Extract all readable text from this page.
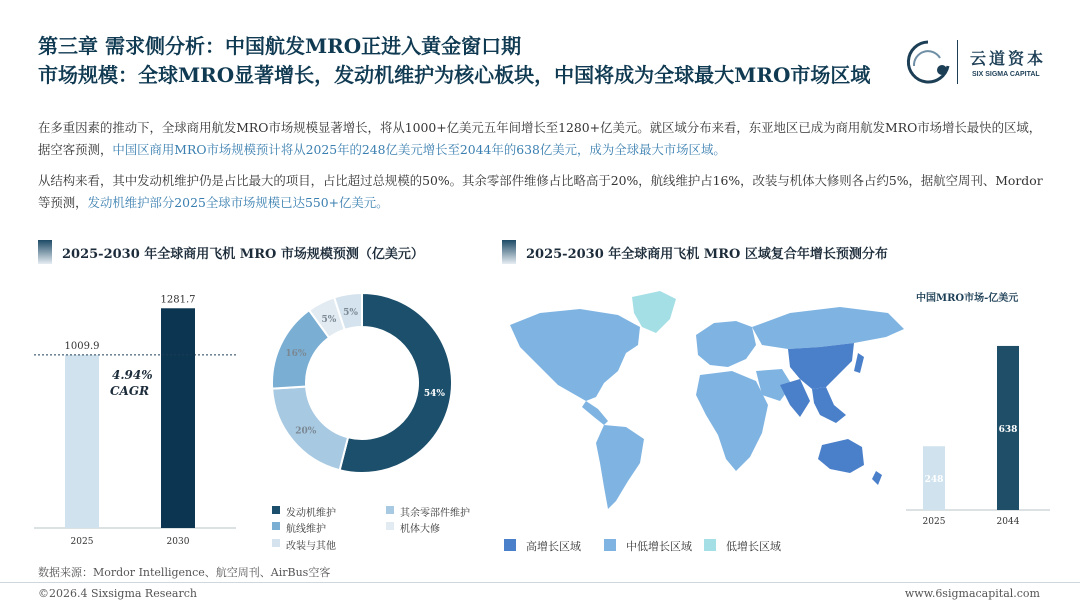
第三章 需求侧分析：中国航发MRO正进入黄金窗口期
市场规模：全球MRO显著增长，发动机维护为核心板块，中国将成为全球最大MRO市场区域
云道资本
SIX SIGMA CAPITAL
在多重因素的推动下，全球商用航发MRO市场规模显著增长，将从1000+亿美元五年间增长至1280+亿美元。就区域分布来看，东亚地区已成为商用航发MRO市场增长最快的区域，据空客预测，中国区商用MRO市场规模预计将从2025年的248亿美元增长至2044年的638亿美元，成为全球最大市场区域。
从结构来看，其中发动机维护仍是占比最大的项目，占比超过总规模的50%。其余零部件维修占比略高于20%，航线维护占16%，改装与机体大修则各占约5%，据航空周刊、Mordor等预测，发动机维护部分2025全球市场规模已达550+亿美元。
2025-2030 年全球商用飞机 MRO 市场规模预测（亿美元）	2025-2030 年全球商用飞机 MRO 区域复合年增长预测分布
1009.9
2025
1281.7
2030
4.94%
CAGR	54%
20%
16%
5%
5%
发动机维护	其余零部件维护
航线维护	机体大修
改装与其他
中国MRO市场-亿美元
248
2025
638
2044
高增长区域	中低增长区域	低增长区域
数据来源：Mordor Intelligence、航空周刊、AirBus空客
©2026.4 Sixsigma Research	www.6sigmacapital.com
